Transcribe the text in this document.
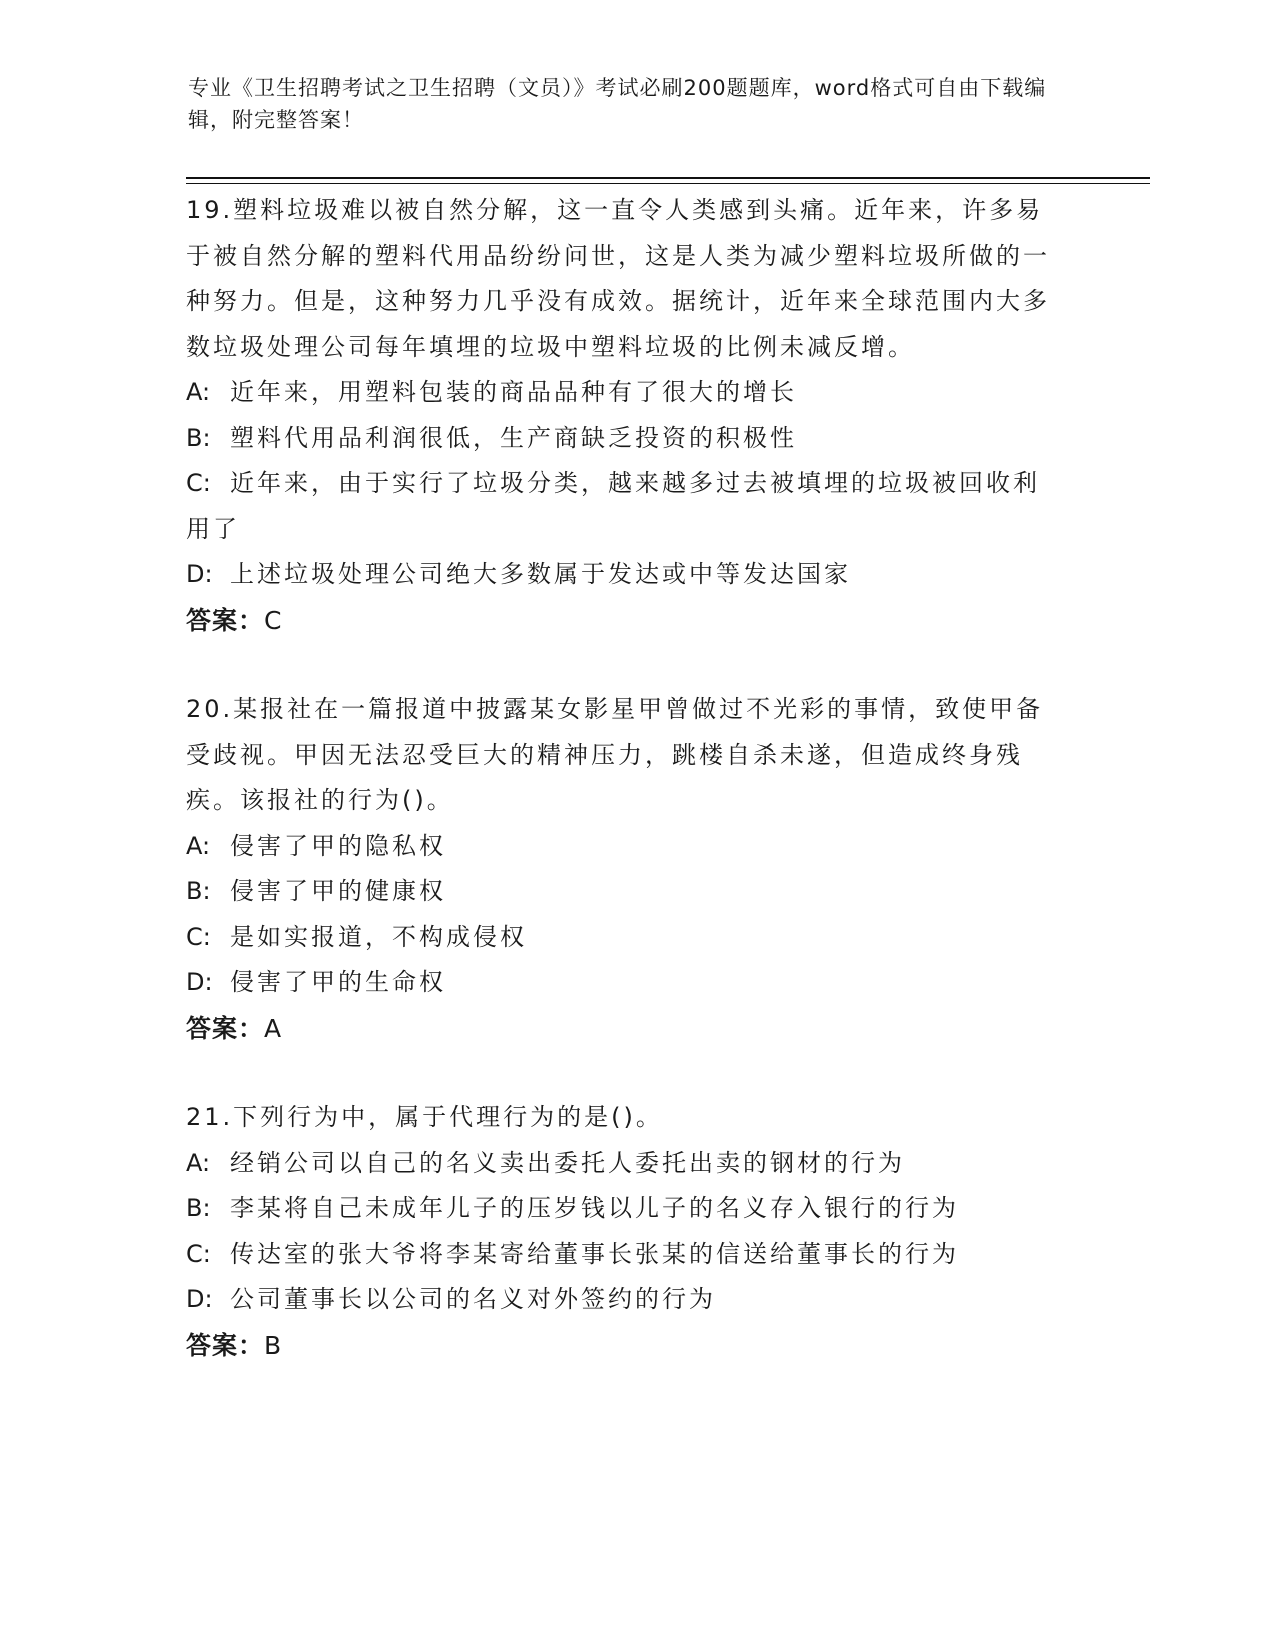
专业《卫生招聘考试之卫生招聘（文员）》考试必刷200题题库，word格式可自由下载编辑，附完整答案！

19.塑料垃圾难以被自然分解，这一直令人类感到头痛。近年来，许多易于被自然分解的塑料代用品纷纷问世，这是人类为减少塑料垃圾所做的一种努力。但是，这种努力几乎没有成效。据统计，近年来全球范围内大多数垃圾处理公司每年填埋的垃圾中塑料垃圾的比例未减反增。

A: 近年来，用塑料包装的商品品种有了很大的增长

B: 塑料代用品利润很低，生产商缺乏投资的积极性

C: 近年来，由于实行了垃圾分类，越来越多过去被填埋的垃圾被回收利用了

D: 上述垃圾处理公司绝大多数属于发达或中等发达国家

答案：C

20.某报社在一篇报道中披露某女影星甲曾做过不光彩的事情，致使甲备受歧视。甲因无法忍受巨大的精神压力，跳楼自杀未遂，但造成终身残疾。该报社的行为()。

A: 侵害了甲的隐私权

B: 侵害了甲的健康权

C: 是如实报道，不构成侵权

D: 侵害了甲的生命权

答案：A

21.下列行为中，属于代理行为的是()。

A: 经销公司以自己的名义卖出委托人委托出卖的钢材的行为

B: 李某将自己未成年儿子的压岁钱以儿子的名义存入银行的行为

C: 传达室的张大爷将李某寄给董事长张某的信送给董事长的行为

D: 公司董事长以公司的名义对外签约的行为

答案：B
